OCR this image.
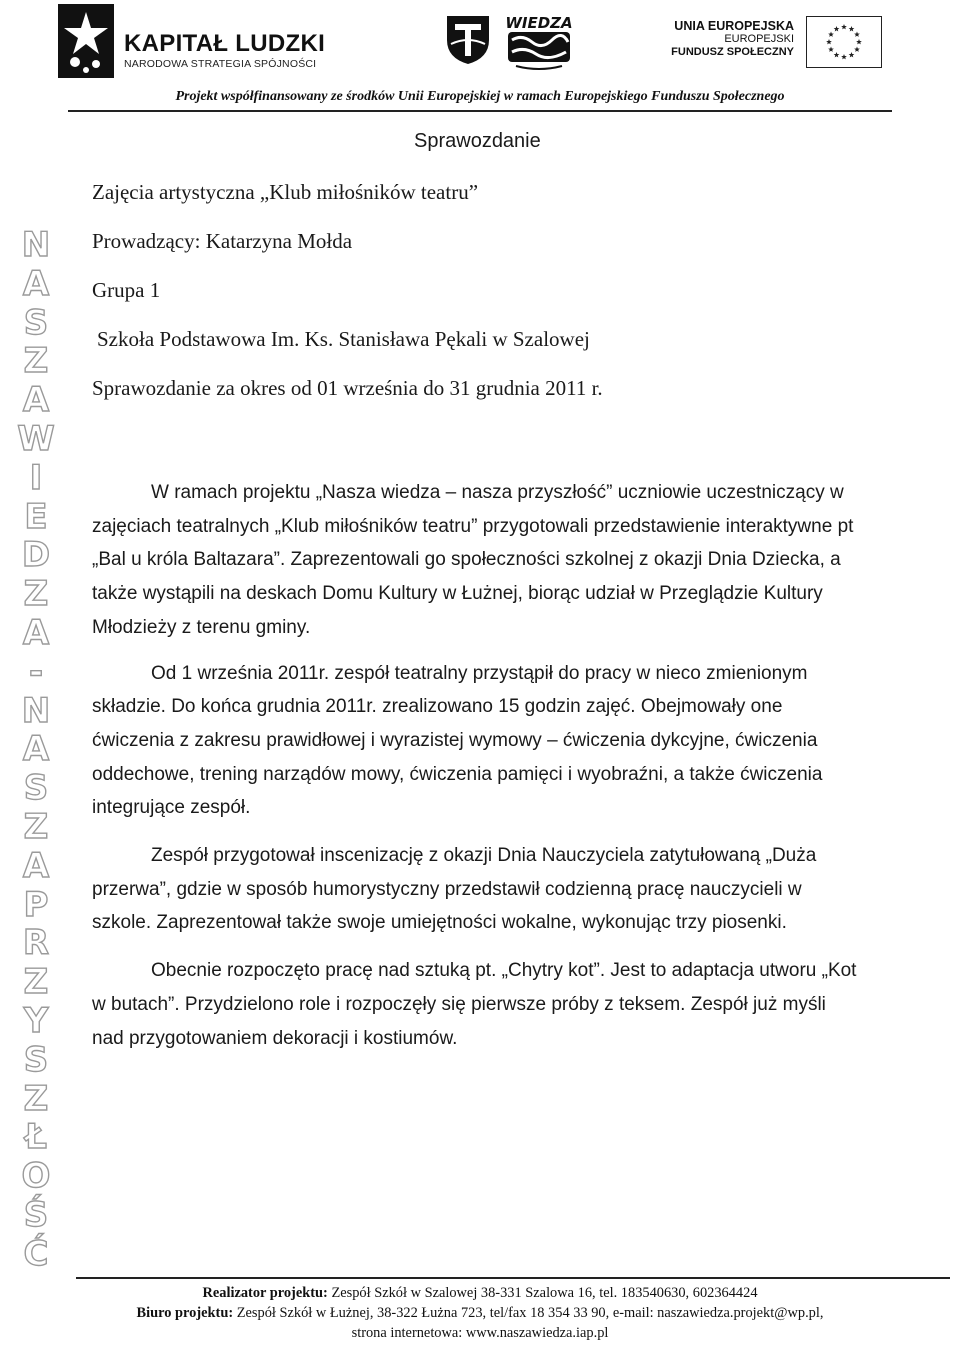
KAPITAŁ LUDZKI
NARODOWA STRATEGIA SPÓJNOŚCI
WIEDZA	UNIA EUROPEJSKA
EUROPEJSKI
FUNDUSZ SPOŁECZNY
Projekt współfinansowany ze środków Unii Europejskiej w ramach Europejskiego Funduszu Społecznego
N
A
S
Z
A
W
I
E
D
Z
A
-
N
A
S
Z
A
P
R
Z
Y
S
Z
Ł
O
Ś
Ć
Sprawozdanie
Zajęcia artystyczna „Klub miłośników teatru”
Prowadzący: Katarzyna Mołda
Grupa 1
Szkoła Podstawowa Im. Ks. Stanisława Pękali w Szalowej
Sprawozdanie za okres od 01 września do 31 grudnia 2011 r.

W ramach projektu „Nasza wiedza – nasza przyszłość” uczniowie uczestniczący w zajęciach teatralnych „Klub miłośników teatru” przygotowali przedstawienie interaktywne pt „Bal u króla Baltazara”. Zaprezentowali go społeczności szkolnej z okazji Dnia Dziecka, a także wystąpili na deskach Domu Kultury w Łużnej, biorąc udział w Przeglądzie Kultury Młodzieży z terenu gminy.

Od 1 września 2011r. zespół teatralny przystąpił do pracy w nieco zmienionym składzie. Do końca grudnia 2011r. zrealizowano 15 godzin zajęć. Obejmowały one ćwiczenia z zakresu prawidłowej i wyrazistej wymowy – ćwiczenia dykcyjne, ćwiczenia oddechowe, trening narządów mowy, ćwiczenia pamięci i wyobraźni, a także ćwiczenia integrujące zespół.

Zespół przygotował inscenizację z okazji Dnia Nauczyciela zatytułowaną „Duża przerwa”, gdzie w sposób humorystyczny przedstawił codzienną pracę nauczycieli w szkole. Zaprezentował także swoje umiejętności wokalne, wykonując trzy piosenki.

Obecnie rozpoczęto pracę nad sztuką pt. „Chytry kot”. Jest to adaptacja utworu „Kot w butach”. Przydzielono role i rozpoczęły się pierwsze próby z teksem. Zespół już myśli nad przygotowaniem dekoracji i kostiumów.

Realizator projektu: Zespół Szkół w Szalowej 38-331 Szalowa 16, tel. 183540630, 602364424
Biuro projektu: Zespół Szkół w Łużnej, 38-322 Łużna 723, tel/fax 18 354 33 90, e-mail: naszawiedza.projekt@wp.pl,
strona internetowa: www.naszawiedza.iap.pl
